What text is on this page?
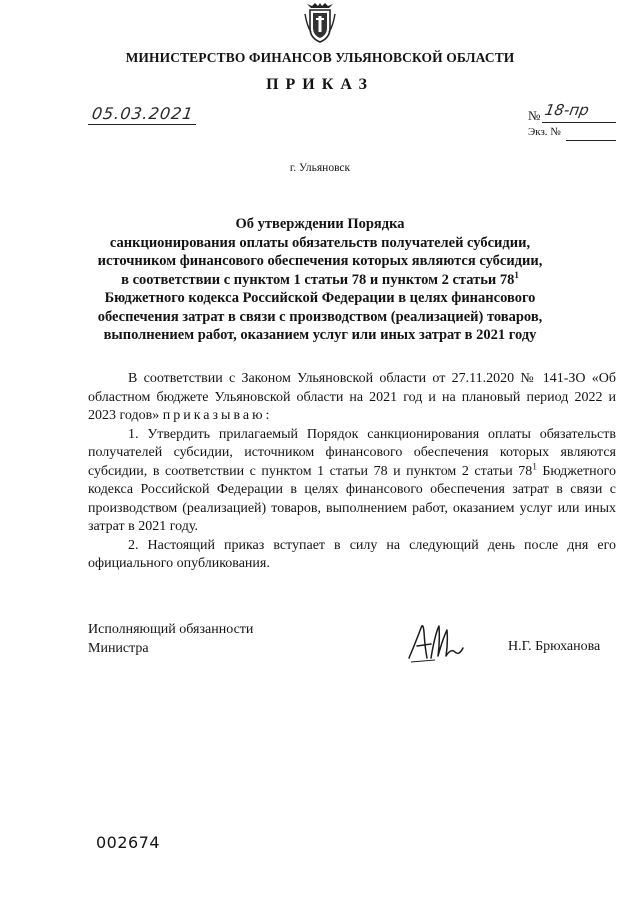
МИНИСТЕРСТВО ФИНАНСОВ УЛЬЯНОВСКОЙ ОБЛАСТИ
ПРИКАЗ
05.03.2021	№ 18-пр
Экз. №
г. Ульяновск
Об утверждении Порядка
санкционирования оплаты обязательств получателей субсидии,
источником финансового обеспечения которых являются субсидии,
в соответствии с пунктом 1 статьи 78 и пунктом 2 статьи $78^1$
Бюджетного кодекса Российской Федерации в целях финансового
обеспечения затрат в связи с производством (реализацией) товаров,
выполнением работ, оказанием услуг или иных затрат в 2021 году

В соответствии с Законом Ульяновской области от 27.11.2020 № 141-ЗО «Об областном бюджете Ульяновской области на 2021 год и на плановый период 2022 и 2023 годов» приказываю:

1. Утвердить прилагаемый Порядок санкционирования оплаты обязательств получателей субсидии, источником финансового обеспечения которых являются субсидии, в соответствии с пунктом 1 статьи 78 и пунктом 2 статьи $78^1$ Бюджетного кодекса Российской Федерации в целях финансового обеспечения затрат в связи с производством (реализацией) товаров, выполнением работ, оказанием услуг или иных затрат в 2021 году.

2. Настоящий приказ вступает в силу на следующий день после дня его официального опубликования.

Исполняющий обязанности
Министра	Н.Г. Брюханова
002674
